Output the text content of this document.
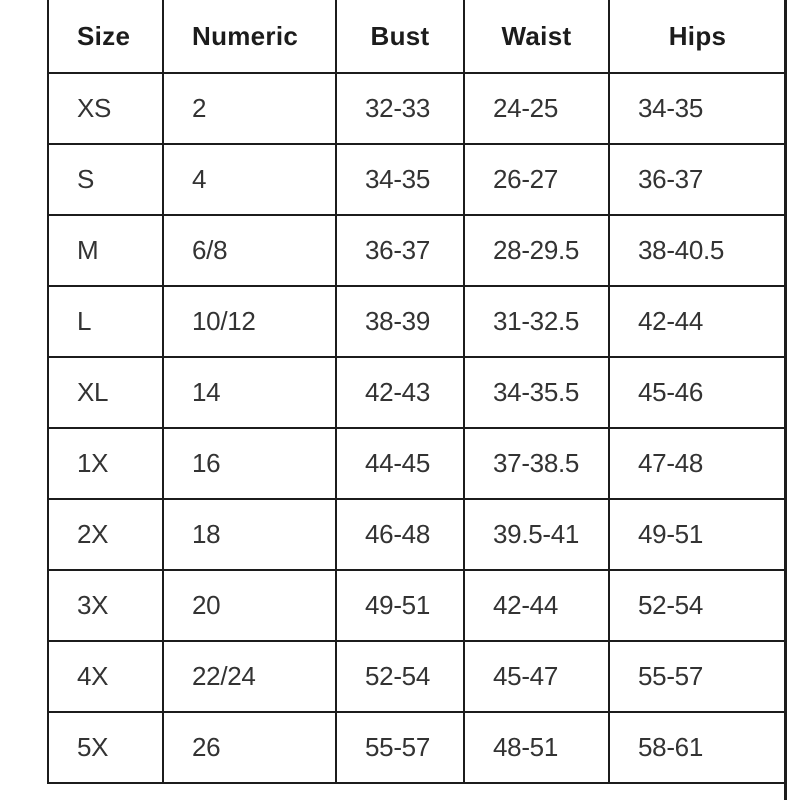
Size	Numeric	Bust	Waist	Hips
XS	2	32-33	24-25	34-35
S	4	34-35	26-27	36-37
M	6/8	36-37	28-29.5	38-40.5
L	10/12	38-39	31-32.5	42-44
XL	14	42-43	34-35.5	45-46
1X	16	44-45	37-38.5	47-48
2X	18	46-48	39.5-41	49-51
3X	20	49-51	42-44	52-54
4X	22/24	52-54	45-47	55-57
5X	26	55-57	48-51	58-61
